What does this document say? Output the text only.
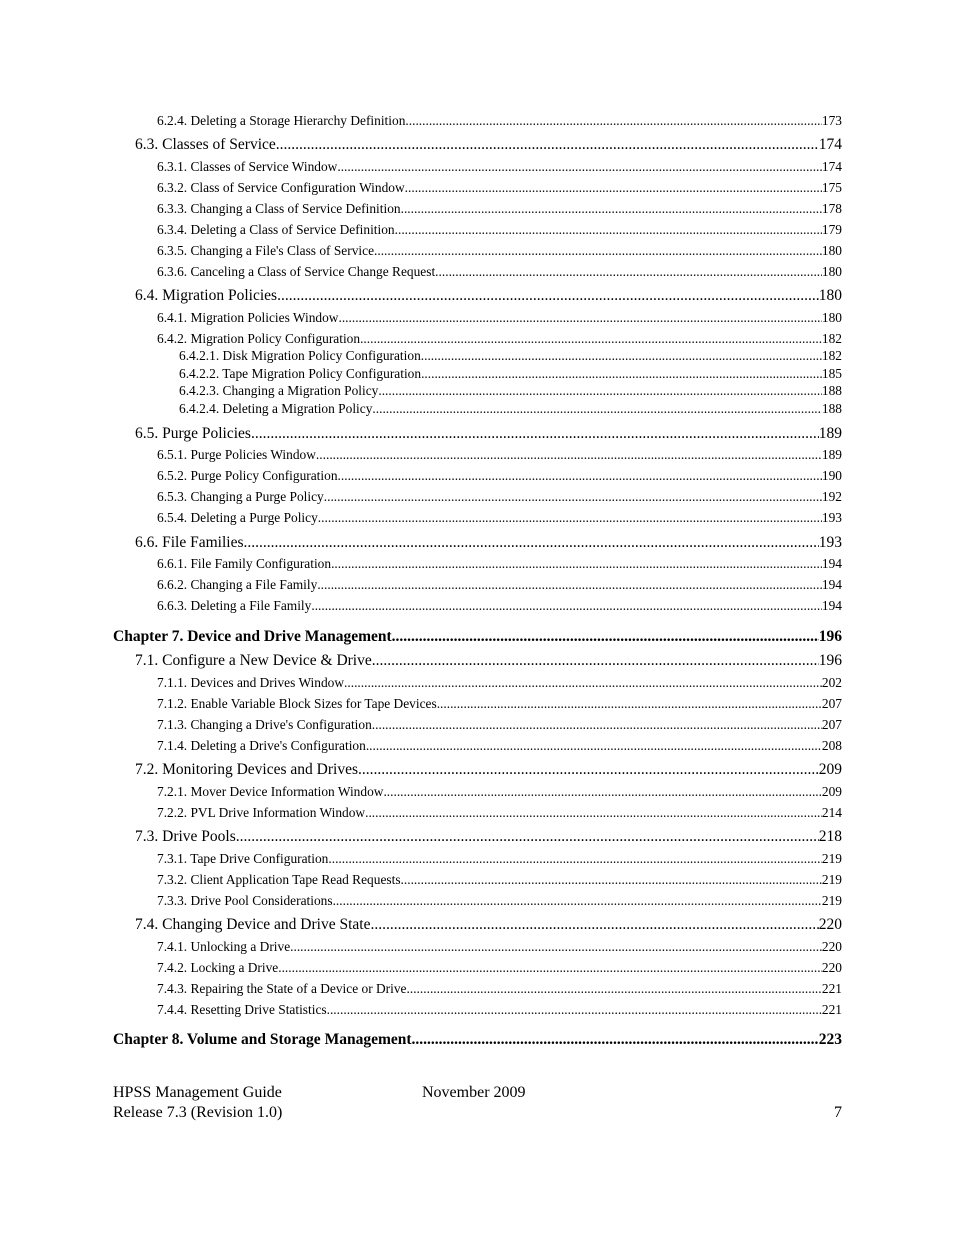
6.2.4. Deleting a Storage Hierarchy Definition .....	173
6.3. Classes of Service .....	174
6.3.1. Classes of Service Window .....	174
6.3.2. Class of Service Configuration Window .....	175
6.3.3. Changing a Class of Service Definition .....	178
6.3.4. Deleting a Class of Service Definition .....	179
6.3.5. Changing a File's Class of Service .....	180
6.3.6. Canceling a Class of Service Change Request .....	180
6.4. Migration Policies .....	180
6.4.1. Migration Policies Window .....	180
6.4.2. Migration Policy Configuration .....	182
6.4.2.1. Disk Migration Policy Configuration .....	182
6.4.2.2. Tape Migration Policy Configuration .....	185
6.4.2.3. Changing a Migration Policy .....	188
6.4.2.4. Deleting a Migration Policy .....	188
6.5. Purge Policies .....	189
6.5.1. Purge Policies Window .....	189
6.5.2. Purge Policy Configuration .....	190
6.5.3. Changing a Purge Policy .....	192
6.5.4. Deleting a Purge Policy .....	193
6.6. File Families .....	193
6.6.1. File Family Configuration .....	194
6.6.2. Changing a File Family .....	194
6.6.3. Deleting a File Family .....	194
Chapter 7. Device and Drive Management .....	196
7.1. Configure a New Device & Drive .....	196
7.1.1. Devices and Drives Window .....	202
7.1.2. Enable Variable Block Sizes for Tape Devices .....	207
7.1.3. Changing a Drive's Configuration .....	207
7.1.4. Deleting a Drive's Configuration .....	208
7.2. Monitoring Devices and Drives .....	209
7.2.1. Mover Device Information Window .....	209
7.2.2. PVL Drive Information Window .....	214
7.3. Drive Pools .....	218
7.3.1. Tape Drive Configuration .....	219
7.3.2. Client Application Tape Read Requests .....	219
7.3.3. Drive Pool Considerations .....	219
7.4. Changing Device and Drive State .....	220
7.4.1. Unlocking a Drive .....	220
7.4.2. Locking a Drive .....	220
7.4.3. Repairing the State of a Device or Drive .....	221
7.4.4. Resetting Drive Statistics .....	221
Chapter 8. Volume and Storage Management .....	223
HPSS Management Guide	November 2009
Release 7.3 (Revision 1.0)	7
